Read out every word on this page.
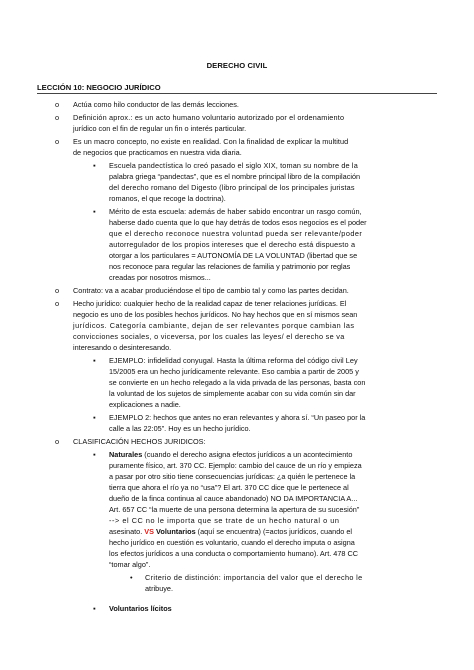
DERECHO CIVIL
LECCIÓN 10: NEGOCIO JURÍDICO
o Actúa como hilo conductor de las demás lecciones.
o Definición aprox.: es un acto humano voluntario autorizado por el ordenamiento
jurídico con el fin de regular un fin o interés particular.
o Es un macro concepto, no existe en realidad. Con la finalidad de explicar la multitud
de negocios que practicamos en nuestra vida diaria.
▪ Escuela pandectística lo creó pasado el siglo XIX, toman su nombre de la
palabra griega “pandectas”, que es el nombre principal libro de la compilación
del derecho romano del Digesto (libro principal de los principales juristas
romanos, el que recoge la doctrina).
▪ Mérito de esta escuela: además de haber sabido encontrar un rasgo común,
haberse dado cuenta que lo que hay detrás de todos esos negocios es el poder
que el derecho reconoce nuestra voluntad pueda ser relevante/poder
autorregulador de los propios intereses que el derecho está dispuesto a
otorgar a los particulares = AUTONOMÍA DE LA VOLUNTAD (libertad que se
nos reconoce para regular las relaciones de familia y patrimonio por reglas
creadas por nosotros mismos...
o Contrato: va a acabar produciéndose el tipo de cambio tal y como las partes decidan.
o Hecho jurídico: cualquier hecho de la realidad capaz de tener relaciones jurídicas. El
negocio es uno de los posibles hechos jurídicos. No hay hechos que en sí mismos sean
jurídicos. Categoría cambiante, dejan de ser relevantes porque cambian las
convicciones sociales, o viceversa, por los cuales las leyes/ el derecho se va
interesando o desinteresando.
▪ EJEMPLO: infidelidad conyugal. Hasta la última reforma del código civil Ley
15/2005 era un hecho jurídicamente relevante. Eso cambia a partir de 2005 y
se convierte en un hecho relegado a la vida privada de las personas, basta con
la voluntad de los sujetos de simplemente acabar con su vida común sin dar
explicaciones a nadie.
▪ EJEMPLO 2: hechos que antes no eran relevantes y ahora sí. “Un paseo por la
calle a las 22:05”. Hoy es un hecho jurídico.
o CLASIFICACIÓN HECHOS JURIDICOS:
▪ Naturales (cuando el derecho asigna efectos jurídicos a un acontecimiento
puramente físico, art. 370 CC. Ejemplo: cambio del cauce de un río y empieza
a pasar por otro sitio tiene consecuencias jurídicas: ¿a quién le pertenece la
tierra que ahora el río ya no “usa”? El art. 370 CC dice que le pertenece al
dueño de la finca continua al cauce abandonado) NO DA IMPORTANCIA A...
Art. 657 CC “la muerte de una persona determina la apertura de su sucesión”
--> el CC no le importa que se trate de un hecho natural o un
asesinato. VS Voluntarios (aquí se encuentra) (=actos jurídicos, cuando el
hecho jurídico en cuestión es voluntario, cuando el derecho imputa o asigna
los efectos jurídicos a una conducta o comportamiento humano). Art. 478 CC
“tomar algo”.
• Criterio de distinción: importancia del valor que el derecho le
atribuye.
▪ Voluntarios lícitos
